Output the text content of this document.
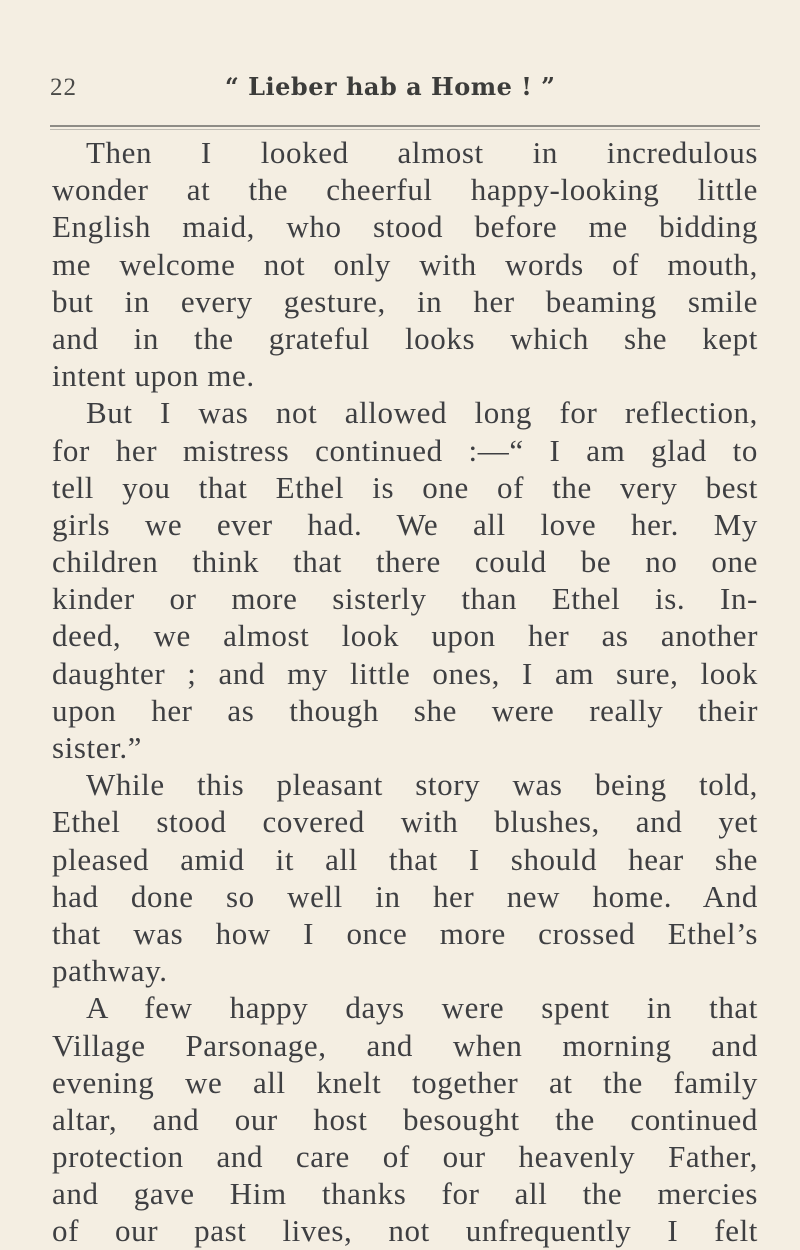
22	“ Lieber hab a Home ! ”
Then I looked almost in incredulous
wonder at the cheerful happy-looking little
English maid, who stood before me bidding
me welcome not only with words of mouth,
but in every gesture, in her beaming smile
and in the grateful looks which she kept
intent upon me.
But I was not allowed long for reflection,
for her mistress continued :—“ I am glad to
tell you that Ethel is one of the very best
girls we ever had. We all love her. My
children think that there could be no one
kinder or more sisterly than Ethel is. In-
deed, we almost look upon her as another
daughter ; and my little ones, I am sure, look
upon her as though she were really their
sister.”
While this pleasant story was being told,
Ethel stood covered with blushes, and yet
pleased amid it all that I should hear she
had done so well in her new home. And
that was how I once more crossed Ethel’s
pathway.
A few happy days were spent in that
Village Parsonage, and when morning and
evening we all knelt together at the family
altar, and our host besought the continued
protection and care of our heavenly Father,
and gave Him thanks for all the mercies
of our past lives, not unfrequently I felt
